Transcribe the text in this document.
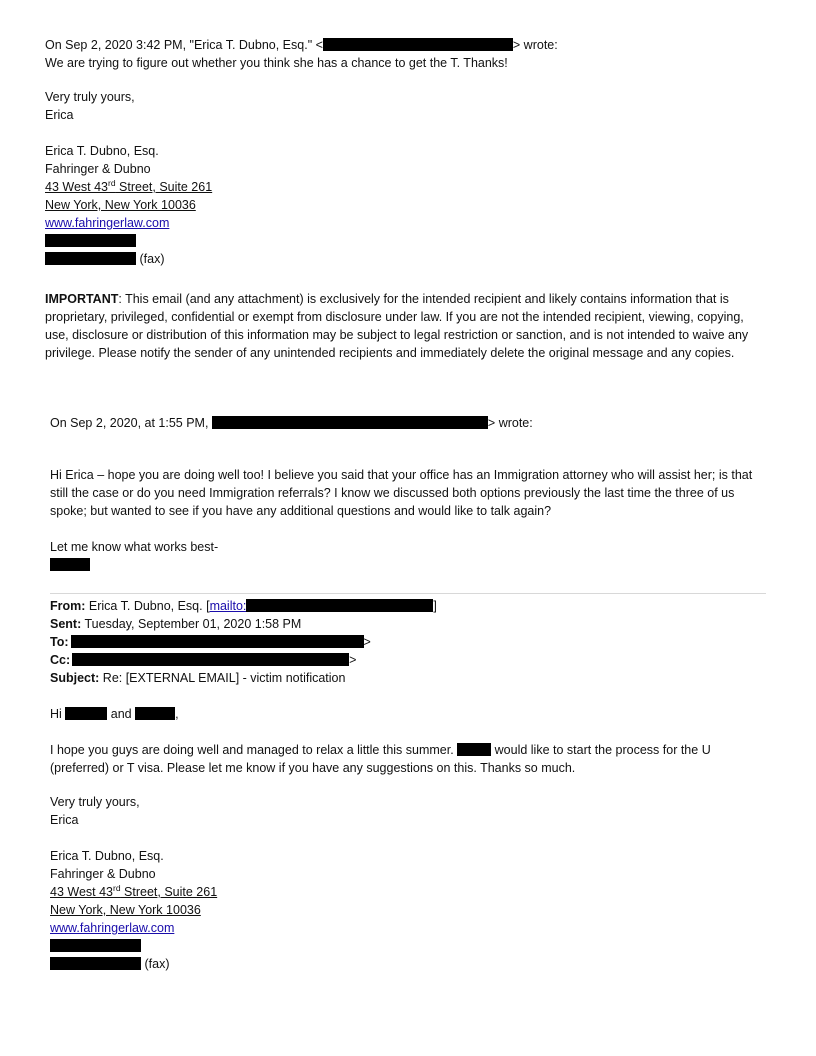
On Sep 2, 2020 3:42 PM, "Erica T. Dubno, Esq." <	> wrote:
We are trying to figure out whether you think she has a chance to get the T. Thanks!
Very truly yours,
Erica
Erica T. Dubno, Esq.
Fahringer & Dubno
43 West 43rd Street, Suite 261
New York, New York 10036
www.fahringerlaw.com
(fax)
IMPORTANT: This email (and any attachment) is exclusively for the intended recipient and likely contains information that is proprietary, privileged, confidential or exempt from disclosure under law. If you are not the intended recipient, viewing, copying, use, disclosure or distribution of this information may be subject to legal restriction or sanction, and is not intended to waive any privilege. Please notify the sender of any unintended recipients and immediately delete the original message and any copies.
On Sep 2, 2020, at 1:55 PM,	> wrote:
Hi Erica – hope you are doing well too! I believe you said that your office has an Immigration attorney who will assist her; is that still the case or do you need Immigration referrals? I know we discussed both options previously the last time the three of us spoke; but wanted to see if you have any additional questions and would like to talk again?
Let me know what works best-
From: Erica T. Dubno, Esq. [mailto:	]
Sent: Tuesday, September 01, 2020 1:58 PM
To:	>
Cc:	>
Subject: Re: [EXTERNAL EMAIL] - victim notification
Hi	and	,
I hope you guys are doing well and managed to relax a little this summer.	would like to start the process for the U (preferred) or T visa. Please let me know if you have any suggestions on this. Thanks so much.
Very truly yours,
Erica
Erica T. Dubno, Esq.
Fahringer & Dubno
43 West 43rd Street, Suite 261
New York, New York 10036
www.fahringerlaw.com
(fax)
